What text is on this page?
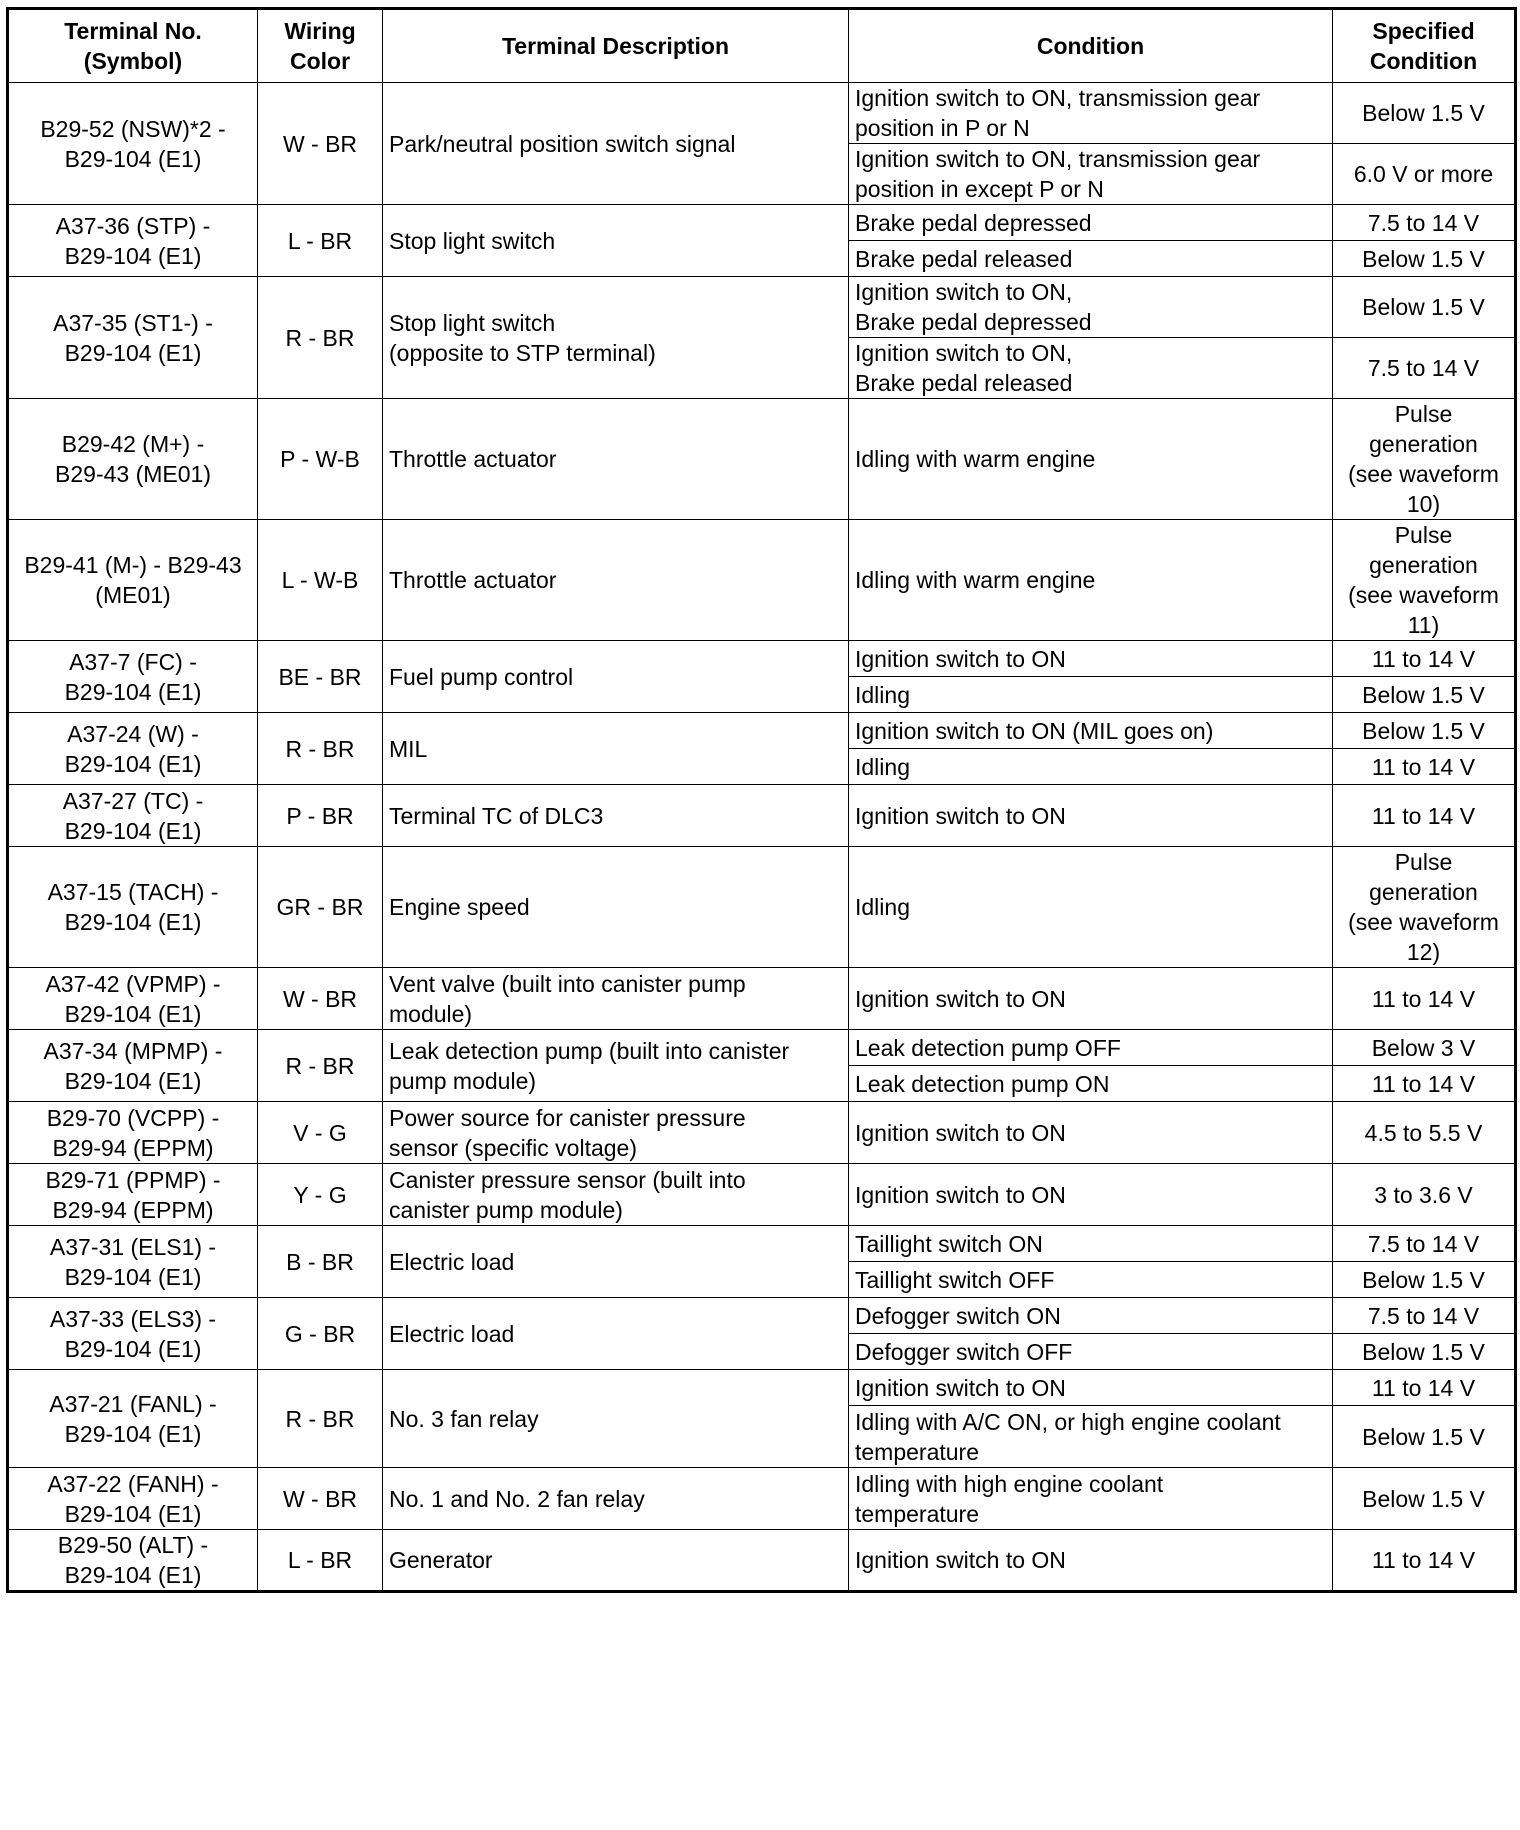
Terminal No.
(Symbol)	Wiring
Color	Terminal Description	Condition	Specified
Condition
B29-52 (NSW)*2 -
B29-104 (E1)	W - BR	Park/neutral position switch signal	Ignition switch to ON, transmission gear
position in P or N	Below 1.5 V
			Ignition switch to ON, transmission gear
position in except P or N	6.0 V or more
A37-36 (STP) -
B29-104 (E1)	L - BR	Stop light switch	Brake pedal depressed	7.5 to 14 V
			Brake pedal released	Below 1.5 V
A37-35 (ST1-) -
B29-104 (E1)	R - BR	Stop light switch
(opposite to STP terminal)	Ignition switch to ON,
Brake pedal depressed	Below 1.5 V
			Ignition switch to ON,
Brake pedal released	7.5 to 14 V
B29-42 (M+) -
B29-43 (ME01)	P - W-B	Throttle actuator	Idling with warm engine	Pulse
generation
(see waveform
10)
B29-41 (M-) - B29-43
(ME01)	L - W-B	Throttle actuator	Idling with warm engine	Pulse
generation
(see waveform
11)
A37-7 (FC) -
B29-104 (E1)	BE - BR	Fuel pump control	Ignition switch to ON	11 to 14 V
			Idling	Below 1.5 V
A37-24 (W) -
B29-104 (E1)	R - BR	MIL	Ignition switch to ON (MIL goes on)	Below 1.5 V
			Idling	11 to 14 V
A37-27 (TC) -
B29-104 (E1)	P - BR	Terminal TC of DLC3	Ignition switch to ON	11 to 14 V
A37-15 (TACH) -
B29-104 (E1)	GR - BR	Engine speed	Idling	Pulse
generation
(see waveform
12)
A37-42 (VPMP) -
B29-104 (E1)	W - BR	Vent valve (built into canister pump
module)	Ignition switch to ON	11 to 14 V
A37-34 (MPMP) -
B29-104 (E1)	R - BR	Leak detection pump (built into canister
pump module)	Leak detection pump OFF	Below 3 V
			Leak detection pump ON	11 to 14 V
B29-70 (VCPP) -
B29-94 (EPPM)	V - G	Power source for canister pressure
sensor (specific voltage)	Ignition switch to ON	4.5 to 5.5 V
B29-71 (PPMP) -
B29-94 (EPPM)	Y - G	Canister pressure sensor (built into
canister pump module)	Ignition switch to ON	3 to 3.6 V
A37-31 (ELS1) -
B29-104 (E1)	B - BR	Electric load	Taillight switch ON	7.5 to 14 V
			Taillight switch OFF	Below 1.5 V
A37-33 (ELS3) -
B29-104 (E1)	G - BR	Electric load	Defogger switch ON	7.5 to 14 V
			Defogger switch OFF	Below 1.5 V
A37-21 (FANL) -
B29-104 (E1)	R - BR	No. 3 fan relay	Ignition switch to ON	11 to 14 V
			Idling with A/C ON, or high engine coolant
temperature	Below 1.5 V
A37-22 (FANH) -
B29-104 (E1)	W - BR	No. 1 and No. 2 fan relay	Idling with high engine coolant
temperature	Below 1.5 V
B29-50 (ALT) -
B29-104 (E1)	L - BR	Generator	Ignition switch to ON	11 to 14 V
